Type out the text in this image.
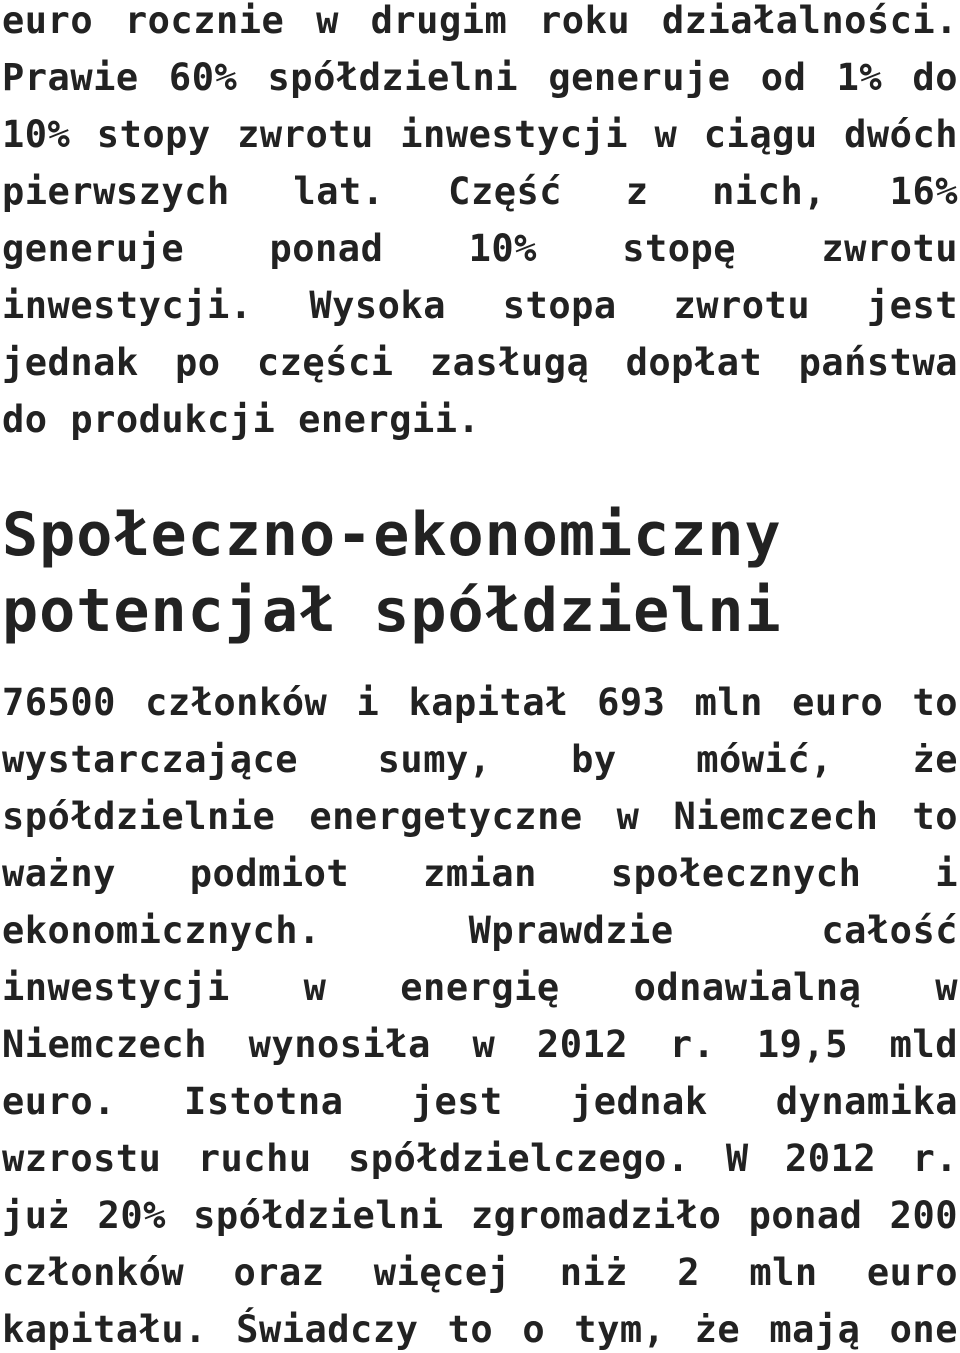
euro rocznie w drugim roku działalności.
Prawie 60% spółdzielni generuje od 1% do
10% stopy zwrotu inwestycji w ciągu dwóch
pierwszych lat. Część z nich, 16%
generuje ponad 10% stopę zwrotu
inwestycji. Wysoka stopa zwrotu jest
jednak po części zasługą dopłat państwa
do produkcji energii.
Społeczno-ekonomiczny
potencjał spółdzielni
76500 członków i kapitał 693 mln euro to
wystarczające sumy, by mówić, że
spółdzielnie energetyczne w Niemczech to
ważny podmiot zmian społecznych i
ekonomicznych. Wprawdzie całość
inwestycji w energię odnawialną w
Niemczech wynosiła w 2012 r. 19,5 mld
euro. Istotna jest jednak dynamika
wzrostu ruchu spółdzielczego. W 2012 r.
już 20% spółdzielni zgromadziło ponad 200
członków oraz więcej niż 2 mln euro
kapitału. Świadczy to o tym, że mają one
